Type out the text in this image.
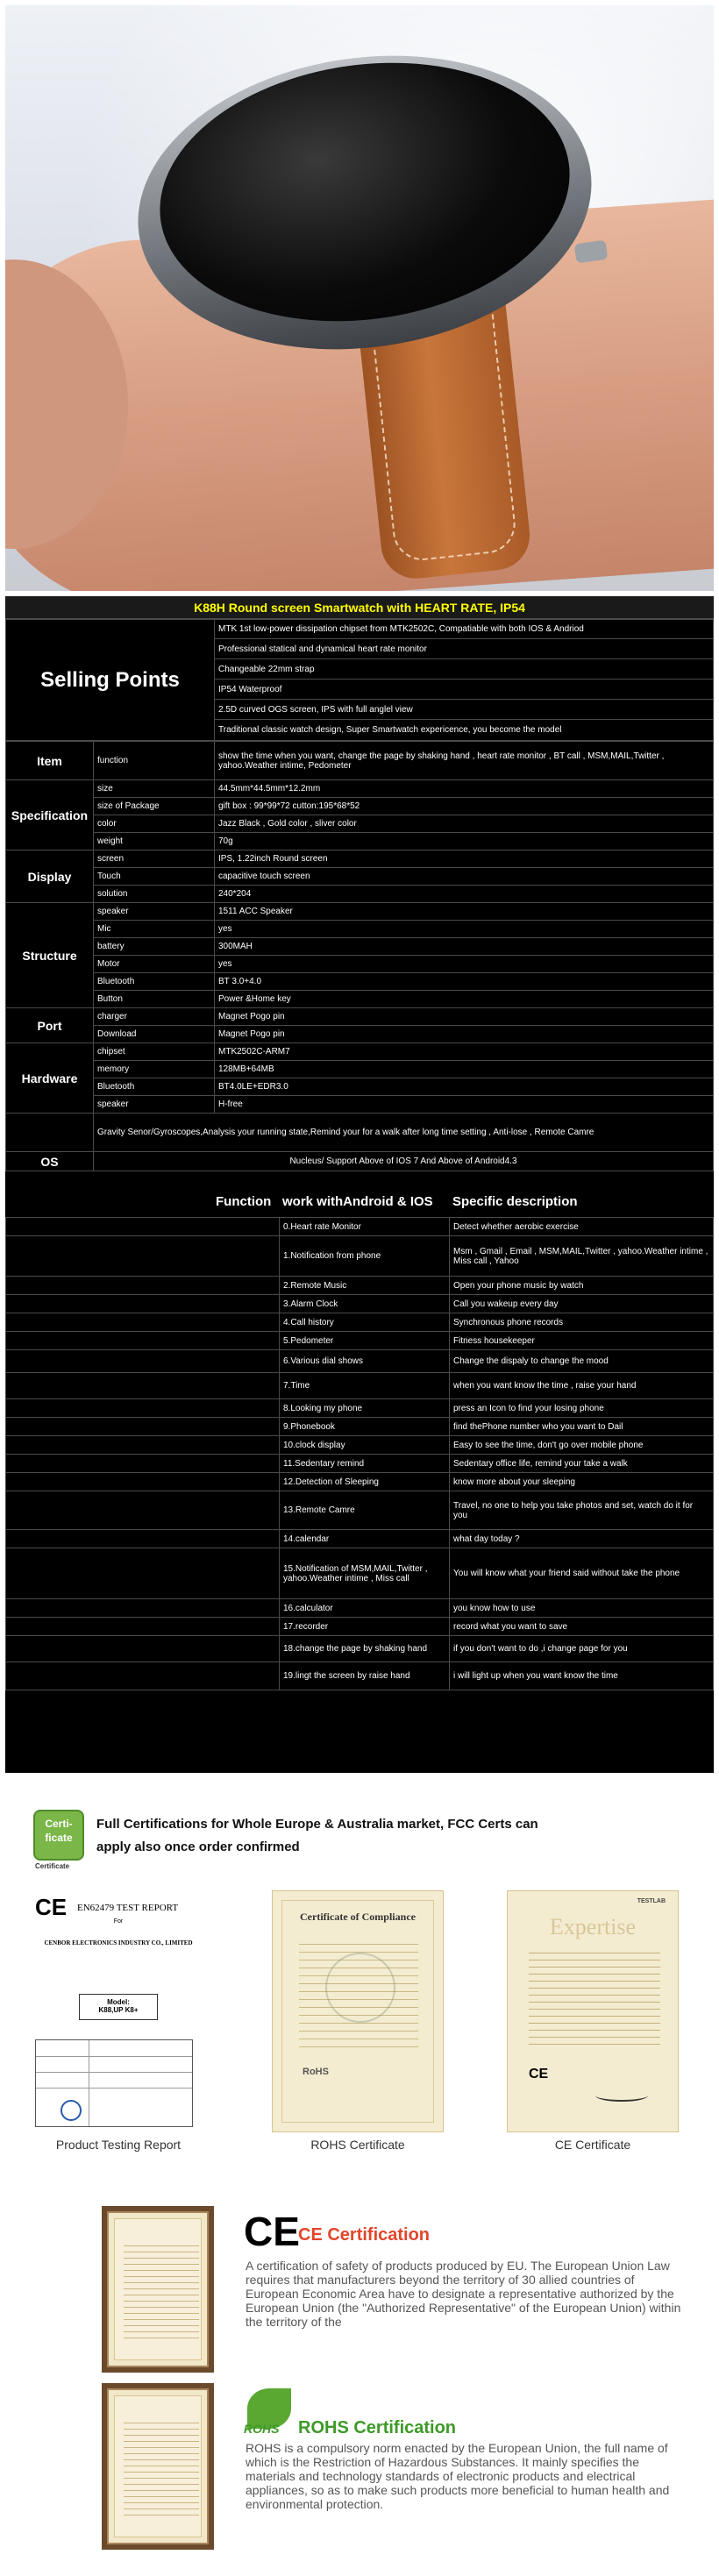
K88H Round screen Smartwatch with HEART RATE, IP54
Selling Points	MTK 1st low-power dissipation chipset from MTK2502C, Compatiable with both IOS & Andriod
Professional statical and dynamical heart rate monitor
Changeable 22mm strap
IP54 Waterproof
2.5D curved OGS screen, IPS with full anglel view
Traditional classic watch design, Super Smartwatch expericence, you become the model
Item	function	show the time when you want, change the page by shaking hand , heart rate monitor , BT call , MSM,MAIL,Twitter , yahoo.Weather intime, Pedometer
Specification	size	44.5mm*44.5mm*12.2mm
	size of Package	gift box : 99*99*72 cutton:195*68*52
	color	Jazz Black , Gold color , sliver color
	weight	70g
Display	screen	IPS, 1.22inch Round screen
	Touch	capacitive touch screen
	solution	240*204
Structure	speaker	1511 ACC Speaker
	Mic	yes
	battery	300MAH
	Motor	yes
	Bluetooth	BT 3.0+4.0
	Button	Power &Home key
Port	charger	Magnet Pogo pin
	Download	Magnet Pogo pin
Hardware	chipset	MTK2502C-ARM7
	memory	128MB+64MB
	Bluetooth	BT4.0LE+EDR3.0
	speaker	H-free
	Gravity Senor/Gyroscopes,Analysis your running state,Remind your for a walk after long time setting , Anti-lose , Remote Camre	
OS	Nucleus/ Support Above of IOS 7 And Above of Android4.3	
	Function	work withAndroid & IOS	Specific description
	0.Heart rate Monitor	Detect whether aerobic exercise
	1.Notification from phone	Msm , Gmail , Email , MSM,MAIL,Twitter , yahoo.Weather intime , Miss call , Yahoo
	2.Remote Music	Open your phone music by watch
	3.Alarm Clock	Call you wakeup every day
	4.Call history	Synchronous phone records
	5.Pedometer	Fitness housekeeper
	6.Various dial shows	Change the dispaly to change the mood
	7.Time	when you want know the time , raise your hand
	8.Looking my phone	press an Icon to find your losing phone
	9.Phonebook	find thePhone number who you want to Dail
	10.clock display	Easy to see the time, don't go over mobile phone
	11.Sedentary remind	Sedentary office life, remind your take a walk
	12.Detection of Sleeping	know more about your sleeping
	13.Remote Camre	Travel, no one to help you take photos and set, watch do it for you
	14.calendar	what day today ?
	15.Notification of MSM,MAIL,Twitter , yahoo.Weather intime , Miss call	You will know what your friend said without take the phone
	16.calculator	you know how to use
	17.recorder	record what you want to save
	18.change the page by shaking hand	if you don't want to do ,i change page for you
	19.lingt the screen by raise hand	i will light up when you want know the time
Certi-
ficate
Certificate
Full Certifications for Whole Europe & Australia market, FCC Certs can
apply also once order confirmed
CE EN62479 TEST REPORT
For
CENBOR ELECTRONICS INDUSTRY CO., LIMITED
Model:
K88,UP K8+
Product Testing Report
Certificate of Compliance
RoHS
ROHS Certificate
TESTLAB
Expertise
CE
CE Certificate
CE
CE Certification
A certification of safety of products produced by EU. The European Union Law requires that manufacturers beyond the territory of 30 allied countries of European Economic Area have to designate a representative authorized by the European Union (the "Authorized Representative" of the European Union) within the territory of the
ROHS ROHS Certification
ROHS is a compulsory norm enacted by the European Union, the full name of which is the Restriction of Hazardous Substances. It mainly specifies the materials and technology standards of electronic products and electrical appliances, so as to make such products more beneficial to human health and environmental protection.
